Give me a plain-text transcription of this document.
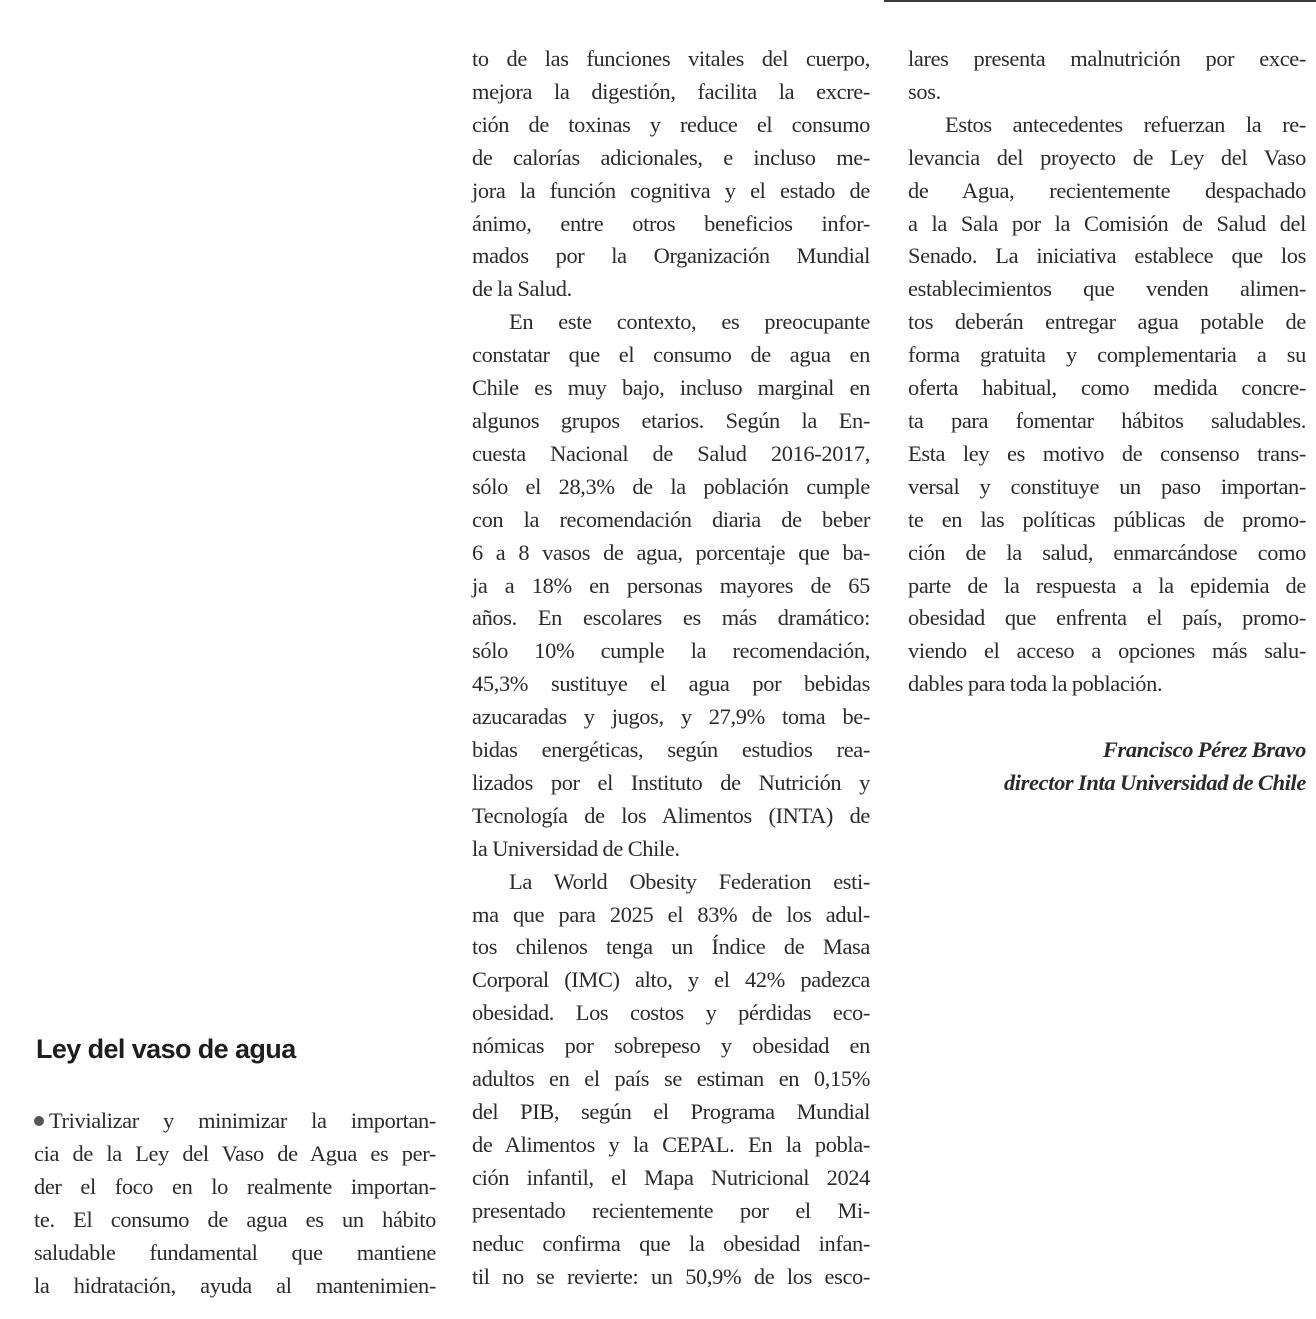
Ley del vaso de agua
Trivializar y minimizar la importan-
cia de la Ley del Vaso de Agua es per-
der el foco en lo realmente importan-
te. El consumo de agua es un hábito
saludable fundamental que mantiene
la hidratación, ayuda al mantenimien-
to de las funciones vitales del cuerpo,
mejora la digestión, facilita la excre-
ción de toxinas y reduce el consumo
de calorías adicionales, e incluso me-
jora la función cognitiva y el estado de
ánimo, entre otros beneficios infor-
mados por la Organización Mundial
de la Salud.
En este contexto, es preocupante
constatar que el consumo de agua en
Chile es muy bajo, incluso marginal en
algunos grupos etarios. Según la En-
cuesta Nacional de Salud 2016-2017,
sólo el 28,3% de la población cumple
con la recomendación diaria de beber
6 a 8 vasos de agua, porcentaje que ba-
ja a 18% en personas mayores de 65
años. En escolares es más dramático:
sólo 10% cumple la recomendación,
45,3% sustituye el agua por bebidas
azucaradas y jugos, y 27,9% toma be-
bidas energéticas, según estudios rea-
lizados por el Instituto de Nutrición y
Tecnología de los Alimentos (INTA) de
la Universidad de Chile.
La World Obesity Federation esti-
ma que para 2025 el 83% de los adul-
tos chilenos tenga un Índice de Masa
Corporal (IMC) alto, y el 42% padezca
obesidad. Los costos y pérdidas eco-
nómicas por sobrepeso y obesidad en
adultos en el país se estiman en 0,15%
del PIB, según el Programa Mundial
de Alimentos y la CEPAL. En la pobla-
ción infantil, el Mapa Nutricional 2024
presentado recientemente por el Mi-
neduc confirma que la obesidad infan-
til no se revierte: un 50,9% de los esco-
lares presenta malnutrición por exce-
sos.
Estos antecedentes refuerzan la re-
levancia del proyecto de Ley del Vaso
de Agua, recientemente despachado
a la Sala por la Comisión de Salud del
Senado. La iniciativa establece que los
establecimientos que venden alimen-
tos deberán entregar agua potable de
forma gratuita y complementaria a su
oferta habitual, como medida concre-
ta para fomentar hábitos saludables.
Esta ley es motivo de consenso trans-
versal y constituye un paso importan-
te en las políticas públicas de promo-
ción de la salud, enmarcándose como
parte de la respuesta a la epidemia de
obesidad que enfrenta el país, promo-
viendo el acceso a opciones más salu-
dables para toda la población.

Francisco Pérez Bravo
director Inta Universidad de Chile
